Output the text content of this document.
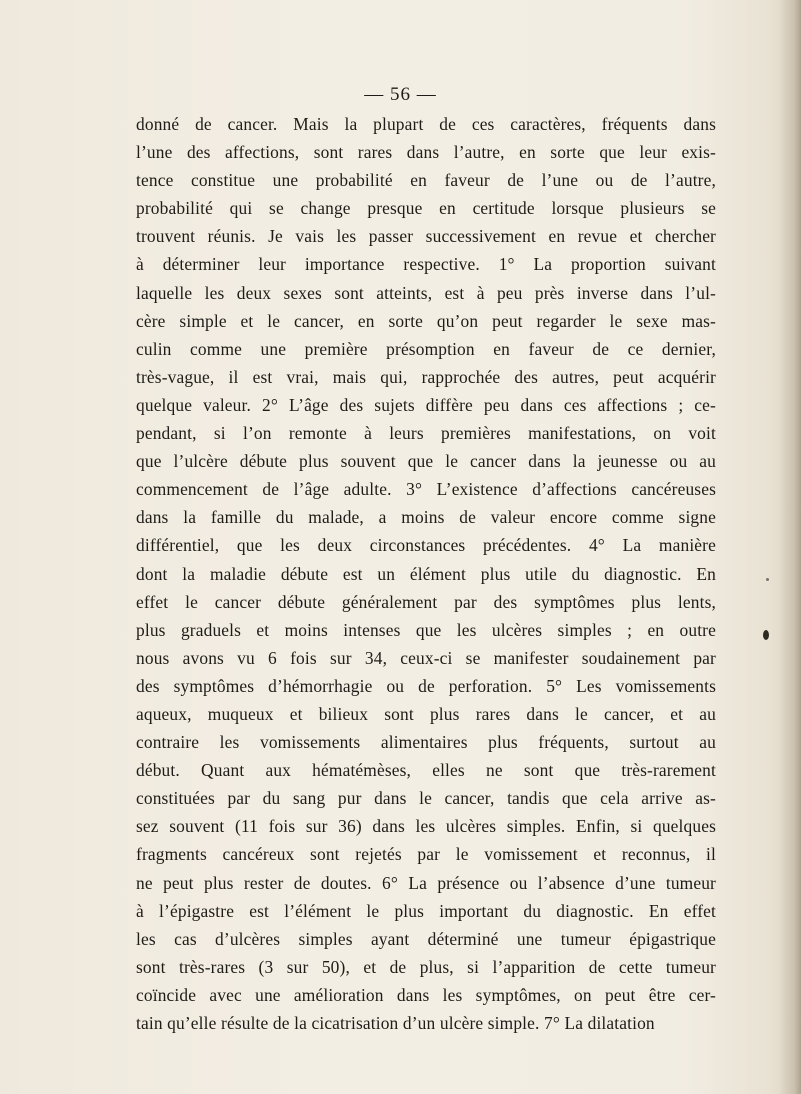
— 56 —
donné de cancer. Mais la plupart de ces caractères, fréquents dans
l’une des affections, sont rares dans l’autre, en sorte que leur exis-
tence constitue une probabilité en faveur de l’une ou de l’autre,
probabilité qui se change presque en certitude lorsque plusieurs se
trouvent réunis. Je vais les passer successivement en revue et chercher
à déterminer leur importance respective. 1° La proportion suivant
laquelle les deux sexes sont atteints, est à peu près inverse dans l’ul-
cère simple et le cancer, en sorte qu’on peut regarder le sexe mas-
culin comme une première présomption en faveur de ce dernier,
très-vague, il est vrai, mais qui, rapprochée des autres, peut acquérir
quelque valeur. 2° L’âge des sujets diffère peu dans ces affections ; ce-
pendant, si l’on remonte à leurs premières manifestations, on voit
que l’ulcère débute plus souvent que le cancer dans la jeunesse ou au
commencement de l’âge adulte. 3° L’existence d’affections cancéreuses
dans la famille du malade, a moins de valeur encore comme signe
différentiel, que les deux circonstances précédentes. 4° La manière
dont la maladie débute est un élément plus utile du diagnostic. En
effet le cancer débute généralement par des symptômes plus lents,
plus graduels et moins intenses que les ulcères simples ; en outre
nous avons vu 6 fois sur 34, ceux-ci se manifester soudainement par
des symptômes d’hémorrhagie ou de perforation. 5° Les vomissements
aqueux, muqueux et bilieux sont plus rares dans le cancer, et au
contraire les vomissements alimentaires plus fréquents, surtout au
début. Quant aux hématémèses, elles ne sont que très-rarement
constituées par du sang pur dans le cancer, tandis que cela arrive as-
sez souvent (11 fois sur 36) dans les ulcères simples. Enfin, si quelques
fragments cancéreux sont rejetés par le vomissement et reconnus, il
ne peut plus rester de doutes. 6° La présence ou l’absence d’une tumeur
à l’épigastre est l’élément le plus important du diagnostic. En effet
les cas d’ulcères simples ayant déterminé une tumeur épigastrique
sont très-rares (3 sur 50), et de plus, si l’apparition de cette tumeur
coïncide avec une amélioration dans les symptômes, on peut être cer-
tain qu’elle résulte de la cicatrisation d’un ulcère simple. 7° La dilatation
